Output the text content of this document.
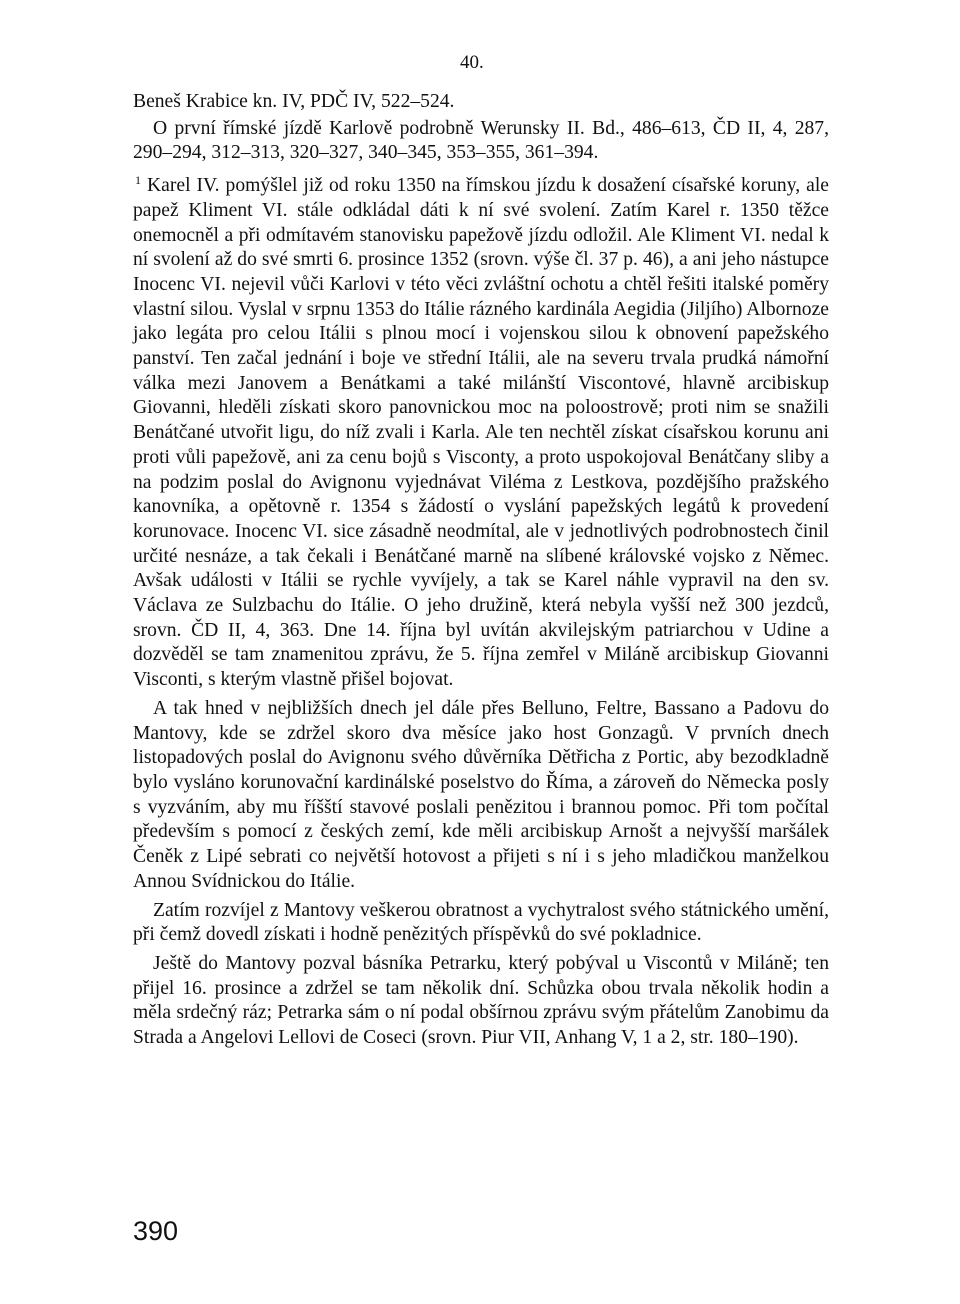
40.

Beneš Krabice kn. IV, PDČ IV, 522–524.

O první římské jízdě Karlově podrobně Werunsky II. Bd., 486–613, ČD II, 4, 287, 290–294, 312–313, 320–327, 340–345, 353–355, 361–394.

$^1$ Karel IV. pomýšlel již od roku 1350 na římskou jízdu k dosažení císařské koruny, ale papež Kliment VI. stále odkládal dáti k ní své svolení. Zatím Karel r. 1350 těžce onemocněl a při odmítavém stanovisku papežově jízdu odložil. Ale Kliment VI. nedal k ní svolení až do své smrti 6. prosince 1352 (srovn. výše čl. 37 p. 46), a ani jeho nástupce Inocenc VI. nejevil vůči Karlovi v této věci zvláštní ochotu a chtěl řešiti italské poměry vlastní silou. Vyslal v srpnu 1353 do Itálie rázného kardinála Aegidia (Jiljího) Albornoze jako legáta pro celou Itálii s plnou mocí i vojenskou silou k obnovení papežského panství. Ten začal jednání i boje ve střední Itálii, ale na severu trvala prudká námořní válka mezi Janovem a Benátkami a také milánští Viscontové, hlavně arcibiskup Giovanni, hleděli získati skoro panovnickou moc na poloostrově; proti nim se snažili Benátčané utvořit ligu, do níž zvali i Karla. Ale ten nechtěl získat císařskou korunu ani proti vůli papežově, ani za cenu bojů s Visconty, a proto uspokojoval Benátčany sliby a na podzim poslal do Avignonu vyjednávat Viléma z Lestkova, pozdějšího pražského kanovníka, a opětovně r. 1354 s žádostí o vyslání papežských legátů k provedení korunovace. Inocenc VI. sice zásadně neodmítal, ale v jednotlivých podrobnostech činil určité nesnáze, a tak čekali i Benátčané marně na slíbené královské vojsko z Němec. Avšak události v Itálii se rychle vyvíjely, a tak se Karel náhle vypravil na den sv. Václava ze Sulzbachu do Itálie. O jeho družině, která nebyla vyšší než 300 jezdců, srovn. ČD II, 4, 363. Dne 14. října byl uvítán akvilejským patriarchou v Udine a dozvěděl se tam znamenitou zprávu, že 5. října zemřel v Miláně arcibiskup Giovanni Visconti, s kterým vlastně přišel bojovat.

A tak hned v nejbližších dnech jel dále přes Belluno, Feltre, Bassano a Padovu do Mantovy, kde se zdržel skoro dva měsíce jako host Gonzagů. V prvních dnech listopadových poslal do Avignonu svého důvěrníka Dětřicha z Portic, aby bezodkladně bylo vysláno korunovační kardinálské poselstvo do Říma, a zároveň do Německa posly s vyzváním, aby mu říšští stavové poslali penězitou i brannou pomoc. Při tom počítal především s pomocí z českých zemí, kde měli arcibiskup Arnošt a nejvyšší maršálek Čeněk z Lipé sebrati co největší hotovost a přijeti s ní i s jeho mladičkou manželkou Annou Svídnickou do Itálie.

Zatím rozvíjel z Mantovy veškerou obratnost a vychytralost svého státnického umění, při čemž dovedl získati i hodně penězitých příspěvků do své pokladnice.

Ještě do Mantovy pozval básníka Petrarku, který pobýval u Viscontů v Miláně; ten přijel 16. prosince a zdržel se tam několik dní. Schůzka obou trvala několik hodin a měla srdečný ráz; Petrarka sám o ní podal obšírnou zprávu svým přátelům Zanobimu da Strada a Angelovi Lellovi de Coseci (srovn. Piur VII, Anhang V, 1 a 2, str. 180–190).

390
